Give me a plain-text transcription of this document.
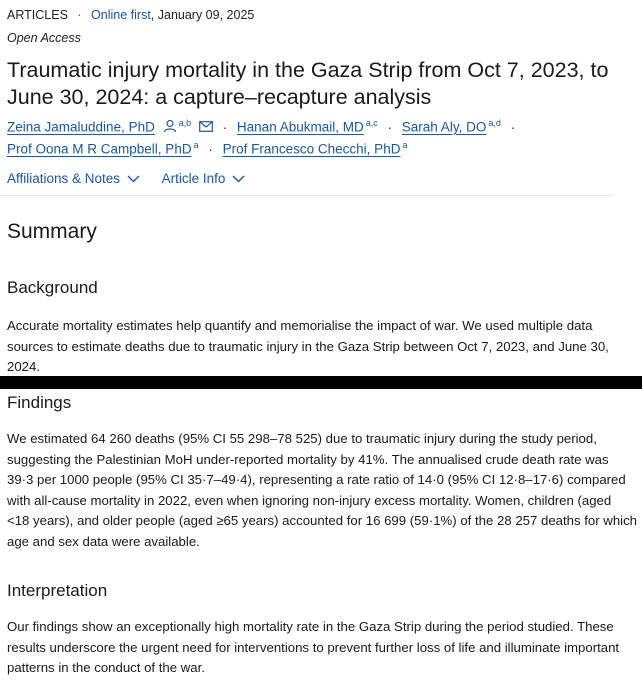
ARTICLES · Online first, January 09, 2025
Open Access
Traumatic injury mortality in the Gaza Strip from Oct 7, 2023, to June 30, 2024: a capture–recapture analysis
Zeina Jamaluddine, PhD	$^{a,b}$ · Hanan Abukmail, MD $^{a,c}$ · Sarah Aly, DO $^{a,d}$ ·
Prof Oona M R Campbell, PhD $^a$ · Prof Francesco Checchi, PhD $^a$
Affiliations & Notes	Article Info
Summary
Background

Accurate mortality estimates help quantify and memorialise the impact of war. We used multiple data sources to estimate deaths due to traumatic injury in the Gaza Strip between Oct 7, 2023, and June 30, 2024.

Findings

We estimated 64 260 deaths (95% CI 55 298–78 525) due to traumatic injury during the study period, suggesting the Palestinian MoH under-reported mortality by 41%. The annualised crude death rate was 39·3 per 1000 people (95% CI 35·7–49·4), representing a rate ratio of 14·0 (95% CI 12·8–17·6) compared with all-cause mortality in 2022, even when ignoring non-injury excess mortality. Women, children (aged <18 years), and older people (aged ≥65 years) accounted for 16 699 (59·1%) of the 28 257 deaths for which age and sex data were available.

Interpretation

Our findings show an exceptionally high mortality rate in the Gaza Strip during the period studied. These results underscore the urgent need for interventions to prevent further loss of life and illuminate important patterns in the conduct of the war.
